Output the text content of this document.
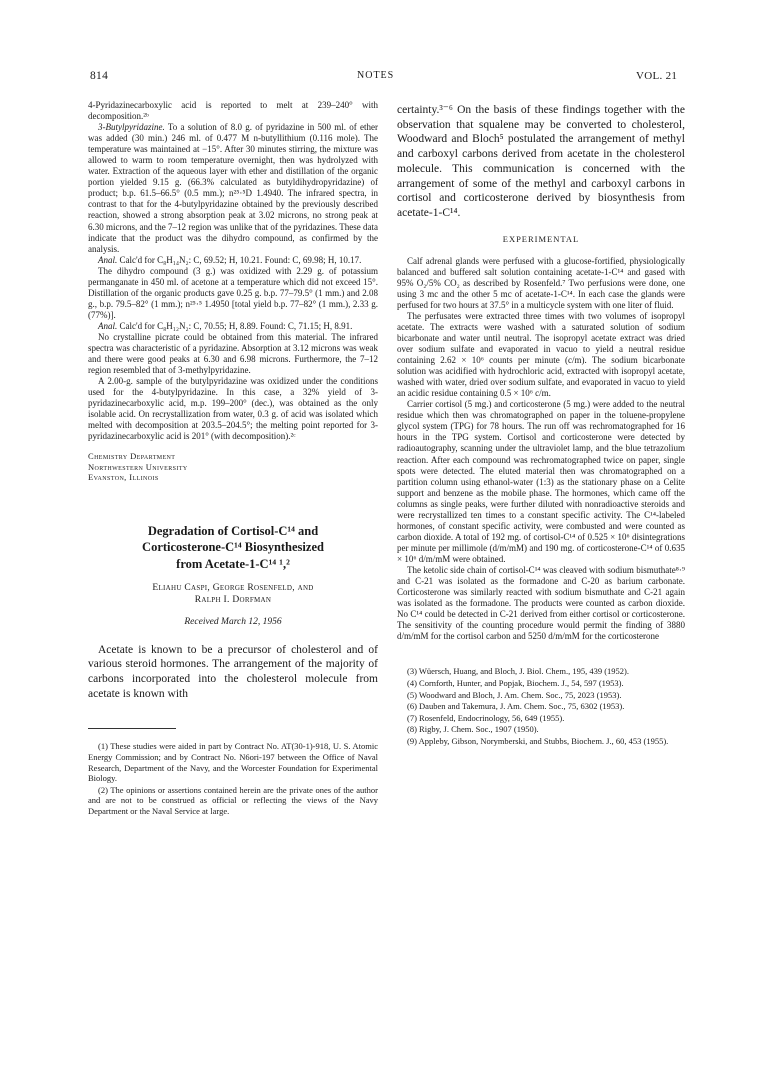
814	NOTES	VOL. 21

4-Pyridazinecarboxylic acid is reported to melt at 239–240° with decomposition.²ᵇ

3-Butylpyridazine. To a solution of 8.0 g. of pyridazine in 500 ml. of ether was added (30 min.) 246 ml. of 0.477 M n-butyllithium (0.116 mole). The temperature was maintained at −15°. After 30 minutes stirring, the mixture was allowed to warm to room temperature overnight, then was hydrolyzed with water. Extraction of the aqueous layer with ether and distillation of the organic portion yielded 9.15 g. (66.3% calculated as butyldihydropyridazine) of product; b.p. 61.5–66.5° (0.5 mm.); n²⁵·⁵D 1.4940. The infrared spectra, in contrast to that for the 4-butylpyridazine obtained by the previously described reaction, showed a strong absorption peak at 3.02 microns, no strong peak at 6.30 microns, and the 7–12 region was unlike that of the pyridazines. These data indicate that the product was the dihydro compound, as confirmed by the analysis.

Anal. Calc'd for C₈H₁₄N₂: C, 69.52; H, 10.21. Found: C, 69.98; H, 10.17.

The dihydro compound (3 g.) was oxidized with 2.29 g. of potassium permanganate in 450 ml. of acetone at a temperature which did not exceed 15°. Distillation of the organic products gave 0.25 g. b.p. 77–79.5° (1 mm.) and 2.08 g., b.p. 79.5–82° (1 mm.); n²⁵·⁵ 1.4950 [total yield b.p. 77–82° (1 mm.), 2.33 g. (77%)].

Anal. Calc'd for C₈H₁₂N₂: C, 70.55; H, 8.89. Found: C, 71.15; H, 8.91.

No crystalline picrate could be obtained from this material. The infrared spectra was characteristic of a pyridazine. Absorption at 3.12 microns was weak and there were good peaks at 6.30 and 6.98 microns. Furthermore, the 7–12 region resembled that of 3-methylpyridazine.

A 2.00-g. sample of the butylpyridazine was oxidized under the conditions used for the 4-butylpyridazine. In this case, a 32% yield of 3-pyridazinecarboxylic acid, m.p. 199–200° (dec.), was obtained as the only isolable acid. On recrystallization from water, 0.3 g. of acid was isolated which melted with decomposition at 203.5–204.5°; the melting point reported for 3-pyridazinecarboxylic acid is 201° (with decomposition).²ᶜ

Chemistry Department
Northwestern University
Evanston, Illinois
Degradation of Cortisol-C¹⁴ and
Corticosterone-C¹⁴ Biosynthesized
from Acetate-1-C¹⁴ ¹,²
Eliahu Caspi, George Rosenfeld, and
Ralph I. Dorfman
Received March 12, 1956

Acetate is known to be a precursor of cholesterol and of various steroid hormones. The arrangement of the majority of carbons incorporated into the cholesterol molecule from acetate is known with

(1) These studies were aided in part by Contract No. AT(30-1)-918, U. S. Atomic Energy Commission; and by Contract No. N6ori-197 between the Office of Naval Research, Department of the Navy, and the Worcester Foundation for Experimental Biology.

(2) The opinions or assertions contained herein are the private ones of the author and are not to be construed as official or reflecting the views of the Navy Department or the Naval Service at large.

certainty.³⁻⁶ On the basis of these findings together with the observation that squalene may be converted to cholesterol, Woodward and Bloch⁵ postulated the arrangement of methyl and carboxyl carbons derived from acetate in the cholesterol molecule. This communication is concerned with the arrangement of some of the methyl and carboxyl carbons in cortisol and corticosterone derived by biosynthesis from acetate-1-C¹⁴.

EXPERIMENTAL

Calf adrenal glands were perfused with a glucose-fortified, physiologically balanced and buffered salt solution containing acetate-1-C¹⁴ and gased with 95% O₂/5% CO₂ as described by Rosenfeld.⁷ Two perfusions were done, one using 3 mc and the other 5 mc of acetate-1-C¹⁴. In each case the glands were perfused for two hours at 37.5° in a multicycle system with one liter of fluid.

The perfusates were extracted three times with two volumes of isopropyl acetate. The extracts were washed with a saturated solution of sodium bicarbonate and water until neutral. The isopropyl acetate extract was dried over sodium sulfate and evaporated in vacuo to yield a neutral residue containing 2.62 × 10⁶ counts per minute (c/m). The sodium bicarbonate solution was acidified with hydrochloric acid, extracted with isopropyl acetate, washed with water, dried over sodium sulfate, and evaporated in vacuo to yield an acidic residue containing 0.5 × 10⁶ c/m.

Carrier cortisol (5 mg.) and corticosterone (5 mg.) were added to the neutral residue which then was chromatographed on paper in the toluene-propylene glycol system (TPG) for 78 hours. The run off was rechromatographed for 16 hours in the TPG system. Cortisol and corticosterone were detected by radioautography, scanning under the ultraviolet lamp, and the blue tetrazolium reaction. After each compound was rechromatographed twice on paper, single spots were detected. The eluted material then was chromatographed on a partition column using ethanol-water (1:3) as the stationary phase on a Celite support and benzene as the mobile phase. The hormones, which came off the columns as single peaks, were further diluted with nonradioactive steroids and were recrystallized ten times to a constant specific activity. The C¹⁴-labeled hormones, of constant specific activity, were combusted and were counted as carbon dioxide. A total of 192 mg. of cortisol-C¹⁴ of 0.525 × 10⁶ disintegrations per minute per millimole (d/m/mM) and 190 mg. of corticosterone-C¹⁴ of 0.635 × 10⁶ d/m/mM were obtained.

The ketolic side chain of cortisol-C¹⁴ was cleaved with sodium bismuthate⁸·⁹ and C-21 was isolated as the formadone and C-20 as barium carbonate. Corticosterone was similarly reacted with sodium bismuthate and C-21 again was isolated as the formadone. The products were counted as carbon dioxide. No C¹⁴ could be detected in C-21 derived from either cortisol or corticosterone. The sensitivity of the counting procedure would permit the finding of 3880 d/m/mM for the cortisol carbon and 5250 d/m/mM for the corticosterone

(3) Wüersch, Huang, and Bloch, J. Biol. Chem., 195, 439 (1952).

(4) Cornforth, Hunter, and Popjak, Biochem. J., 54, 597 (1953).

(5) Woodward and Bloch, J. Am. Chem. Soc., 75, 2023 (1953).

(6) Dauben and Takemura, J. Am. Chem. Soc., 75, 6302 (1953).

(7) Rosenfeld, Endocrinology, 56, 649 (1955).

(8) Rigby, J. Chem. Soc., 1907 (1950).

(9) Appleby, Gibson, Norymberski, and Stubbs, Biochem. J., 60, 453 (1955).
